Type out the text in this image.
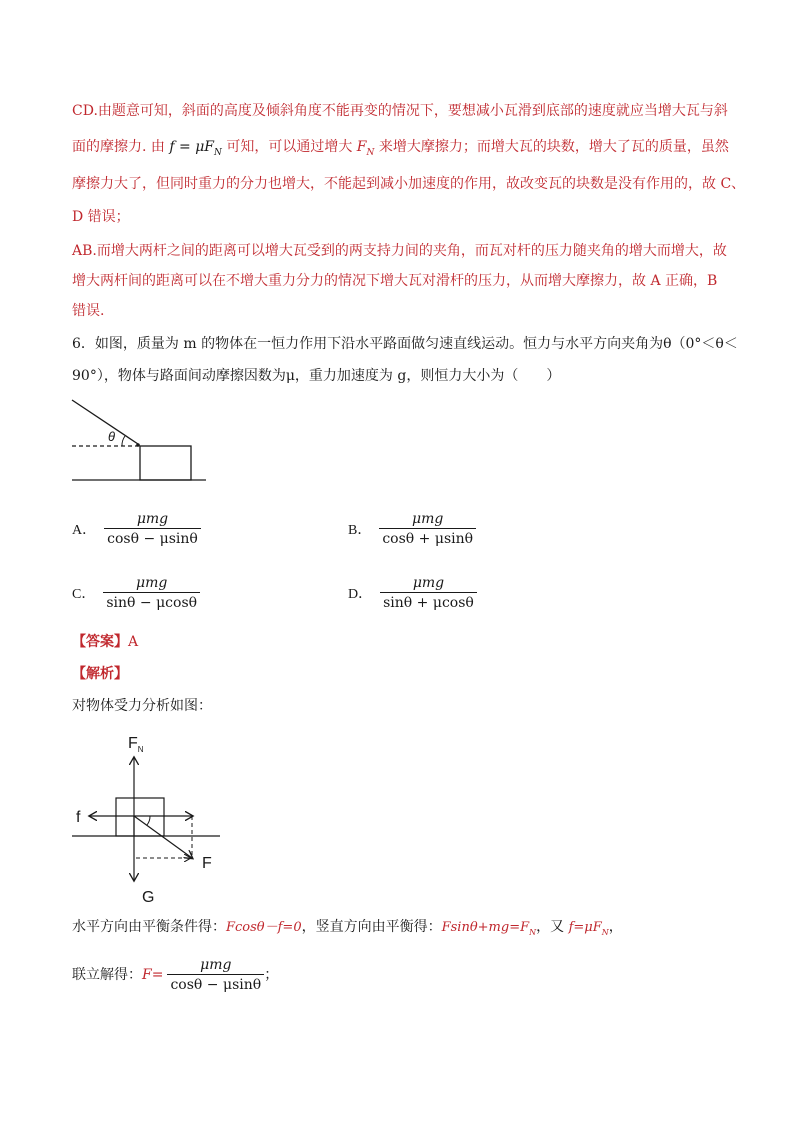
CD.由题意可知，斜面的高度及倾斜角度不能再变的情况下，要想减小瓦滑到底部的速度就应当增大瓦与斜
面的摩擦力. 由 $f = \mu F_N$ 可知，可以通过增大 $F_N$ 来增大摩擦力；而增大瓦的块数，增大了瓦的质量，虽然
摩擦力大了，但同时重力的分力也增大，不能起到减小加速度的作用，故改变瓦的块数是没有作用的，故 C、
D 错误；
AB.而增大两杆之间的距离可以增大瓦受到的两支持力间的夹角，而瓦对杆的压力随夹角的增大而增大，故
增大两杆间的距离可以在不增大重力分力的情况下增大瓦对滑杆的压力，从而增大摩擦力，故 A 正确，B
错误.
6．如图，质量为 m 的物体在一恒力作用下沿水平路面做匀速直线运动。恒力与水平方向夹角为θ（0°＜θ＜
90°），物体与路面间动摩擦因数为μ，重力加速度为 g，则恒力大小为（　　）
θ
A． $\frac{\text{μmg}}{\cos\theta - \mu\sin\theta}$	B． $\frac{\text{μmg}}{\cos\theta + \mu\sin\theta}$
C． $\frac{\text{μmg}}{\sin\theta - \mu\cos\theta}$	D． $\frac{\text{μmg}}{\sin\theta + \mu\cos\theta}$
【答案】A
【解析】
对物体受力分析如图：
$F_N$
f
F
G
水平方向由平衡条件得：Fcosθ－f=0，竖直方向由平衡得：$Fsin\theta+mg=F_N$，又 $f=\mu F_N$，
联立解得： $F= \frac{\text{μmg}}{\cos\theta - \mu\sin\theta}$ ；
